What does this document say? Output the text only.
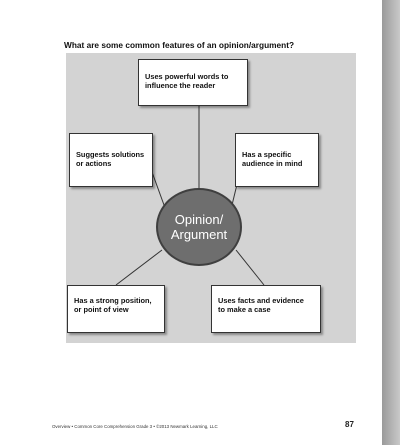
What are some common features of an opinion/argument?
Uses powerful words to
influence the reader
Suggests solutions
or actions
Has a specific
audience in mind
Opinion/
Argument
Has a strong position,
or point of view
Uses facts and evidence
to make a case
Overview • Common Core Comprehension Grade 3 • ©2013 Newmark Learning, LLC	87
